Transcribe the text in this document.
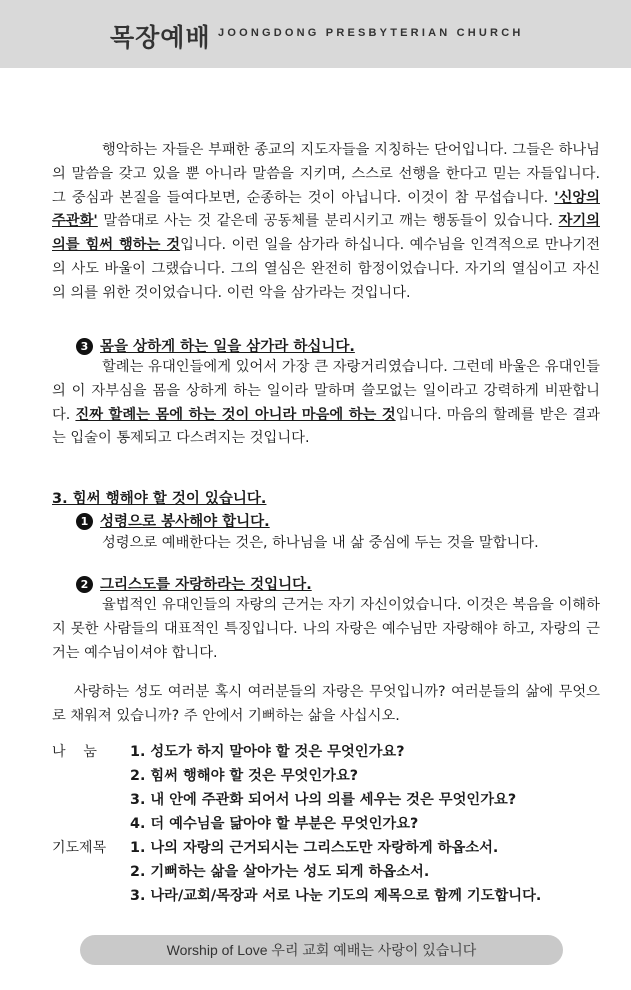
목장예배 JOONGDONG PRESBYTERIAN CHURCH
행악하는 자들은 부패한 종교의 지도자들을 지칭하는 단어입니다. 그들은 하나님의 말씀을 갖고 있을 뿐 아니라 말씀을 지키며, 스스로 선행을 한다고 믿는 자들입니다. 그 중심과 본질을 들여다보면, 순종하는 것이 아닙니다. 이것이 참 무섭습니다. '신앙의 주관화' 말씀대로 사는 것 같은데 공동체를 분리시키고 깨는 행동들이 있습니다. 자기의 의를 힘써 행하는 것입니다. 이런 일을 삼가라 하십니다. 예수님을 인격적으로 만나기전의 사도 바울이 그랬습니다. 그의 열심은 완전히 함정이었습니다. 자기의 열심이고 자신의 의를 위한 것이었습니다. 이런 악을 삼가라는 것입니다.
3 몸을 상하게 하는 일을 삼가라 하십니다.
할례는 유대인들에게 있어서 가장 큰 자랑거리였습니다. 그런데 바울은 유대인들의 이 자부심을 몸을 상하게 하는 일이라 말하며 쓸모없는 일이라고 강력하게 비판합니다. 진짜 할례는 몸에 하는 것이 아니라 마음에 하는 것입니다. 마음의 할례를 받은 결과는 입술이 통제되고 다스려지는 것입니다.
3. 힘써 행해야 할 것이 있습니다.
1 성령으로 봉사해야 합니다.
성령으로 예배한다는 것은, 하나님을 내 삶 중심에 두는 것을 말합니다.
2 그리스도를 자랑하라는 것입니다.
율법적인 유대인들의 자랑의 근거는 자기 자신이었습니다. 이것은 복음을 이해하지 못한 사람들의 대표적인 특징입니다. 나의 자랑은 예수님만 자랑해야 하고, 자랑의 근거는 예수님이셔야 합니다.
사랑하는 성도 여러분 혹시 여러분들의 자랑은 무엇입니까? 여러분들의 삶에 무엇으로 채워져 있습니까? 주 안에서 기뻐하는 삶을 사십시오.
나    눔 1. 성도가 하지 말아야 할 것은 무엇인가요?
2. 힘써 행해야 할 것은 무엇인가요?
3. 내 안에 주관화 되어서 나의 의를 세우는 것은 무엇인가요?
4. 더 예수님을 닮아야 할 부분은 무엇인가요?
기도제목 1. 나의 자랑의 근거되시는 그리스도만 자랑하게 하옵소서.
2. 기뻐하는 삶을 살아가는 성도 되게 하옵소서.
3. 나라/교회/목장과 서로 나눈 기도의 제목으로 함께 기도합니다.
Worship of Love 우리 교회 예배는 사랑이 있습니다
